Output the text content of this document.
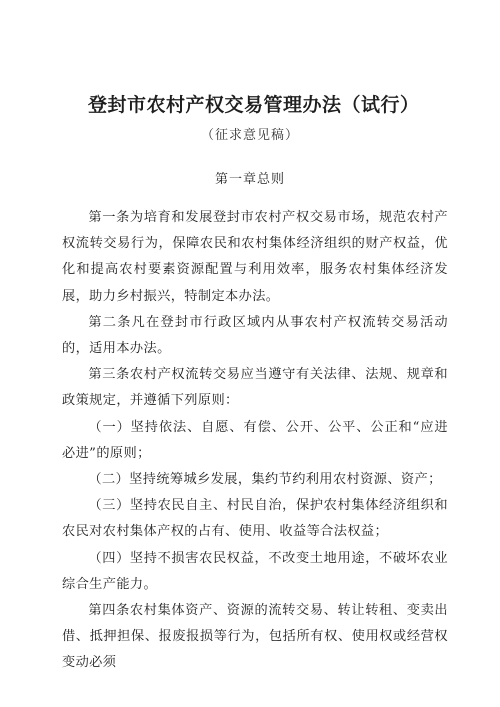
登封市农村产权交易管理办法（试行）
（征求意见稿）
第一章总则

第一条为培育和发展登封市农村产权交易市场，规范农村产权流转交易行为，保障农民和农村集体经济组织的财产权益，优化和提高农村要素资源配置与利用效率，服务农村集体经济发展，助力乡村振兴，特制定本办法。

第二条凡在登封市行政区域内从事农村产权流转交易活动的，适用本办法。

第三条农村产权流转交易应当遵守有关法律、法规、规章和政策规定，并遵循下列原则：

（一）坚持依法、自愿、有偿、公开、公平、公正和“应进必进”的原则；

（二）坚持统筹城乡发展，集约节约利用农村资源、资产；

（三）坚持农民自主、村民自治，保护农村集体经济组织和农民对农村集体产权的占有、使用、收益等合法权益；

（四）坚持不损害农民权益，不改变土地用途，不破坏农业综合生产能力。

第四条农村集体资产、资源的流转交易、转让转租、变卖出借、抵押担保、报废报损等行为，包括所有权、使用权或经营权变动必须
